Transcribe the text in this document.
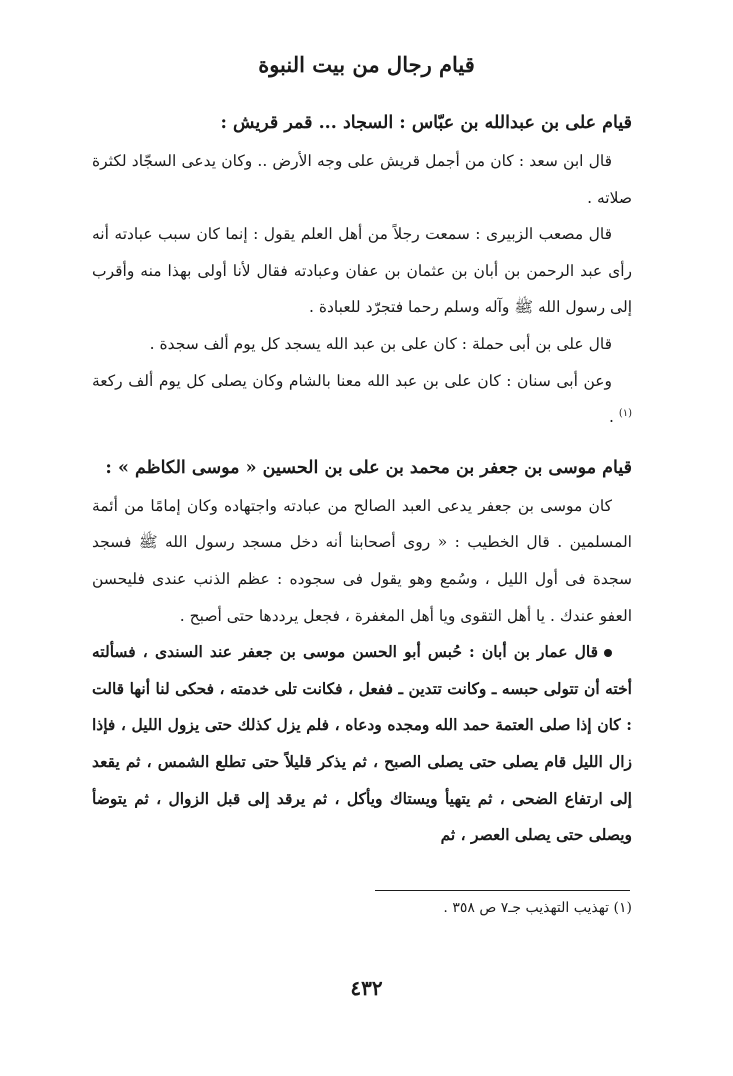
قيام رجال من بيت النبوة
قيام على بن عبدالله بن عبّاس : السجاد ... قمر قريش :

قال ابن سعد : كان من أجمل قريش على وجه الأرض .. وكان يدعى السجّاد لكثرة صلاته .

قال مصعب الزبيرى : سمعت رجلاً من أهل العلم يقول : إنما كان سبب عبادته أنه رأى عبد الرحمن بن أبان بن عثمان بن عفان وعبادته فقال لأنا أولى بهذا منه وأقرب إلى رسول الله ﷺ وآله وسلم رحما فتجرّد للعبادة .

قال على بن أبى حملة : كان على بن عبد الله يسجد كل يوم ألف سجدة .

وعن أبى سنان : كان على بن عبد الله معنا بالشام وكان يصلى كل يوم ألف ركعة $^{(١)}$ .

قيام موسى بن جعفر بن محمد بن على بن الحسين « موسى الكاظم » :

كان موسى بن جعفر يدعى العبد الصالح من عبادته واجتهاده وكان إمامًا من أئمة المسلمين . قال الخطيب : « روى أصحابنا أنه دخل مسجد رسول الله ﷺ فسجد سجدة فى أول الليل ، وسُمع وهو يقول فى سجوده : عظم الذنب عندى فليحسن العفو عندك . يا أهل التقوى ويا أهل المغفرة ، فجعل يرددها حتى أصبح .

قال عمار بن أبان : حُبس أبو الحسن موسى بن جعفر عند السندى ، فسألته أخته أن تتولى حبسه ـ وكانت تتدين ـ ففعل ، فكانت تلى خدمته ، فحكى لنا أنها قالت : كان إذا صلى العتمة حمد الله ومجده ودعاه ، فلم يزل كذلك حتى يزول الليل ، فإذا زال الليل قام يصلى حتى يصلى الصبح ، ثم يذكر قليلاً حتى تطلع الشمس ، ثم يقعد إلى ارتفاع الضحى ، ثم يتهيأ ويستاك ويأكل ، ثم يرقد إلى قبل الزوال ، ثم يتوضأ ويصلى حتى يصلى العصر ، ثم

(١) تهذيب التهذيب جـ٧ ص ٣٥٨ .

٤٣٢
